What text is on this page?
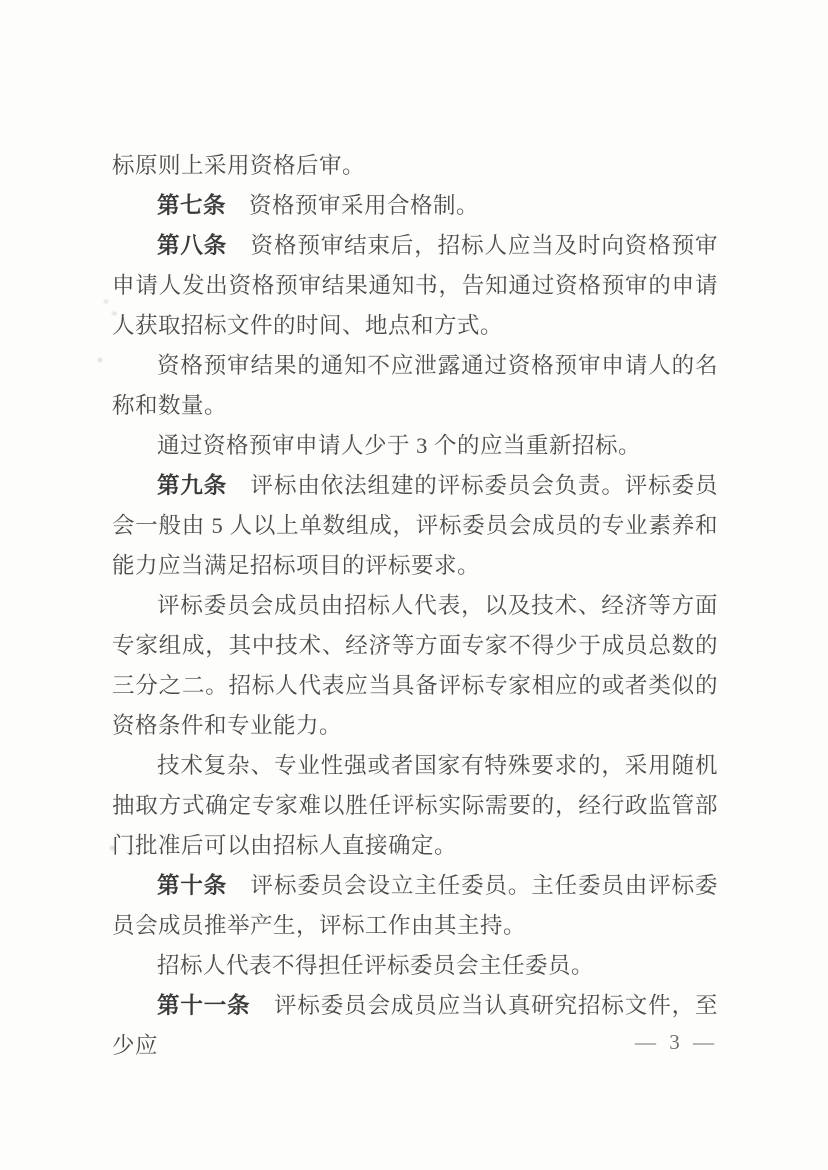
标原则上采用资格后审。

第七条　资格预审采用合格制。

第八条　资格预审结束后，招标人应当及时向资格预审申请人发出资格预审结果通知书，告知通过资格预审的申请人获取招标文件的时间、地点和方式。

资格预审结果的通知不应泄露通过资格预审申请人的名称和数量。

通过资格预审申请人少于 3 个的应当重新招标。

第九条　评标由依法组建的评标委员会负责。评标委员会一般由 5 人以上单数组成，评标委员会成员的专业素养和能力应当满足招标项目的评标要求。

评标委员会成员由招标人代表，以及技术、经济等方面专家组成，其中技术、经济等方面专家不得少于成员总数的三分之二。招标人代表应当具备评标专家相应的或者类似的资格条件和专业能力。

技术复杂、专业性强或者国家有特殊要求的，采用随机抽取方式确定专家难以胜任评标实际需要的，经行政监管部门批准后可以由招标人直接确定。

第十条　评标委员会设立主任委员。主任委员由评标委员会成员推举产生，评标工作由其主持。

招标人代表不得担任评标委员会主任委员。

第十一条　评标委员会成员应当认真研究招标文件，至少应	— 3 —
